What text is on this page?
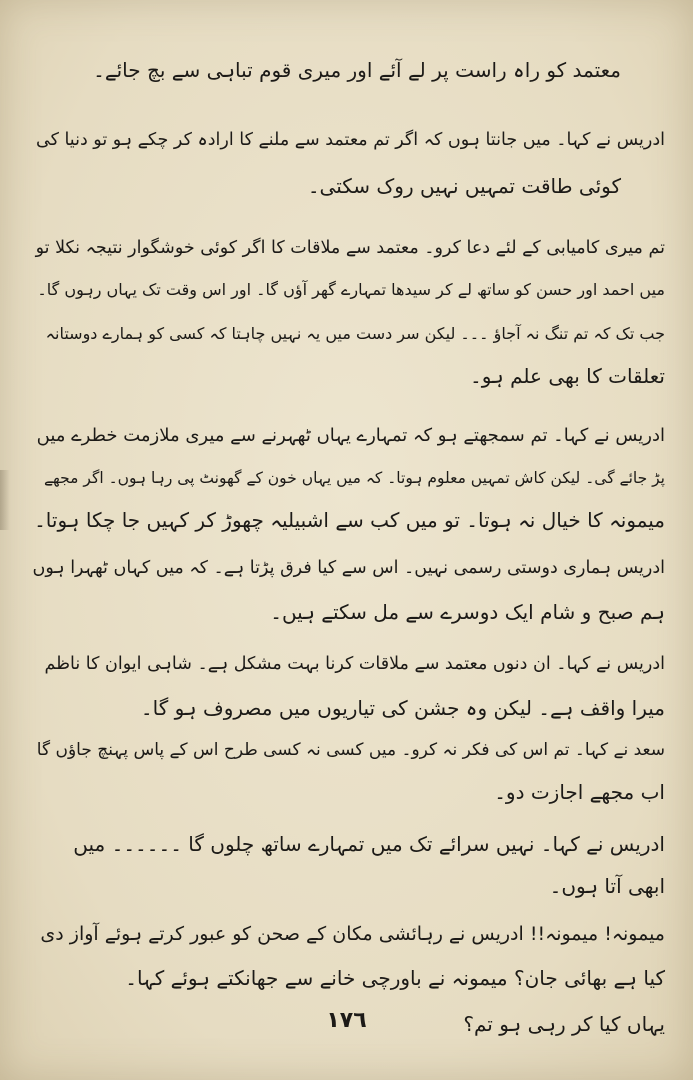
معتمد کو راہ راست پر لے آئے اور میری قوم تباہی سے بچ جائے۔
ادریس نے کہا۔ میں جانتا ہوں کہ اگر تم معتمد سے ملنے کا ارادہ کر چکے ہو تو دنیا کی
کوئی طاقت تمہیں نہیں روک سکتی۔
تم میری کامیابی کے لئے دعا کرو۔ معتمد سے ملاقات کا اگر کوئی خوشگوار نتیجہ نکلا تو
میں احمد اور حسن کو ساتھ لے کر سیدھا تمہارے گھر آؤں گا۔ اور اس وقت تک یہاں رہوں گا۔
جب تک کہ تم تنگ نہ آجاؤ ۔۔۔ لیکن سر دست میں یہ نہیں چاہتا کہ کسی کو ہمارے دوستانہ
تعلقات کا بھی علم ہو۔
ادریس نے کہا۔ تم سمجھتے ہو کہ تمہارے یہاں ٹھہرنے سے میری ملازمت خطرے میں
پڑ جائے گی۔ لیکن کاش تمہیں معلوم ہوتا۔ کہ میں یہاں خون کے گھونٹ پی رہا ہوں۔ اگر مجھے
میمونہ کا خیال نہ ہوتا۔ تو میں کب سے اشبیلیہ چھوڑ کر کہیں جا چکا ہوتا۔
ادریس ہماری دوستی رسمی نہیں۔ اس سے کیا فرق پڑتا ہے۔ کہ میں کہاں ٹھہرا ہوں
ہم صبح و شام ایک دوسرے سے مل سکتے ہیں۔
ادریس نے کہا۔ ان دنوں معتمد سے ملاقات کرنا بہت مشکل ہے۔ شاہی ایوان کا ناظم
میرا واقف ہے۔ لیکن وہ جشن کی تیاریوں میں مصروف ہو گا۔
سعد نے کہا۔ تم اس کی فکر نہ کرو۔ میں کسی نہ کسی طرح اس کے پاس پہنچ جاؤں گا
اب مجھے اجازت دو۔
ادریس نے کہا۔ نہیں سرائے تک میں تمہارے ساتھ چلوں گا ۔۔۔۔۔۔ میں
ابھی آتا ہوں۔
میمونہ! میمونہ!! ادریس نے رہائشی مکان کے صحن کو عبور کرتے ہوئے آواز دی
کیا ہے بھائی جان؟ میمونہ نے باورچی خانے سے جھانکتے ہوئے کہا۔
یہاں کیا کر رہی ہو تم؟
١٧٦
